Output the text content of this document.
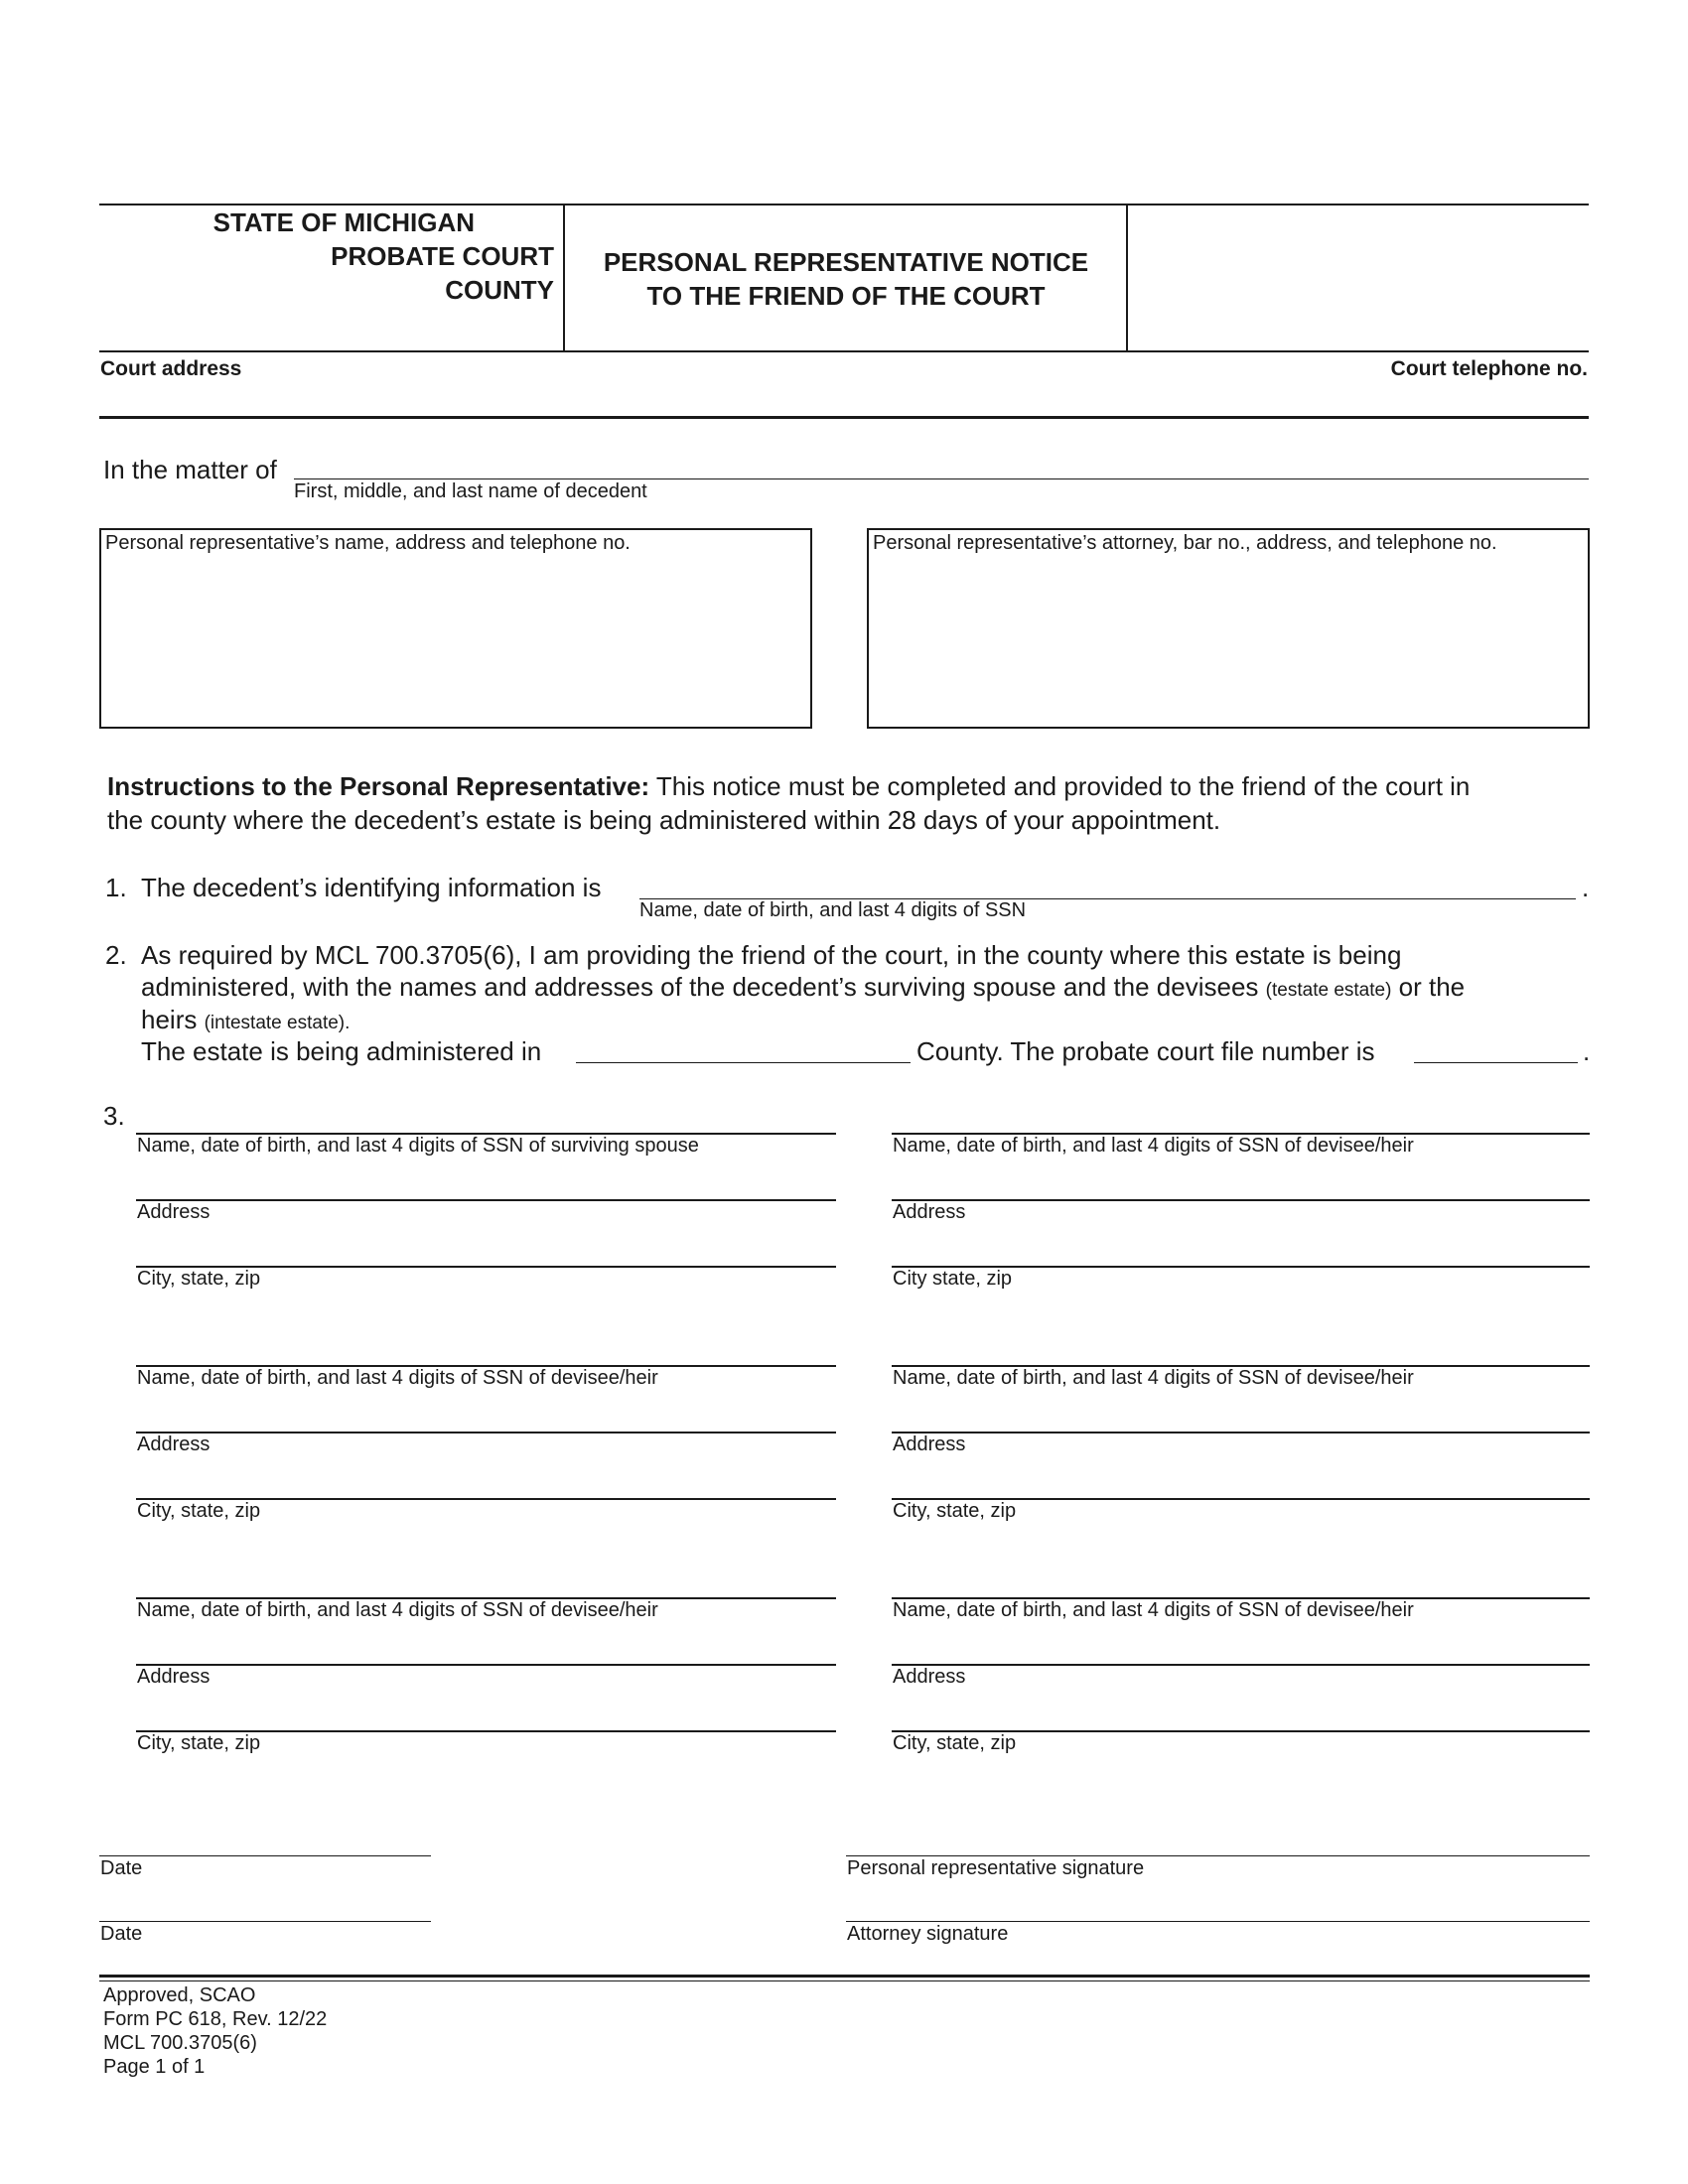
STATE OF MICHIGAN
PROBATE COURT
COUNTY
PERSONAL REPRESENTATIVE NOTICE
TO THE FRIEND OF THE COURT
Court address	Court telephone no.
In the matter of
First, middle, and last name of decedent
Personal representative’s name, address and telephone no.	Personal representative’s attorney, bar no., address, and telephone no.
Instructions to the Personal Representative: This notice must be completed and provided to the friend of the court in
the county where the decedent’s estate is being administered within 28 days of your appointment.
1. The decedent’s identifying information is	.
Name, date of birth, and last 4 digits of SSN
2. As required by MCL 700.3705(6), I am providing the friend of the court, in the county where this estate is being
administered, with the names and addresses of the decedent’s surviving spouse and the devisees (testate estate) or the
heirs (intestate estate).
The estate is being administered in	County. The probate court file number is	.
3.
Name, date of birth, and last 4 digits of SSN of surviving spouse
Address
City, state, zip
Name, date of birth, and last 4 digits of SSN of devisee/heir
Address
City state, zip
Name, date of birth, and last 4 digits of SSN of devisee/heir
Address
City, state, zip
Name, date of birth, and last 4 digits of SSN of devisee/heir
Address
City, state, zip
Name, date of birth, and last 4 digits of SSN of devisee/heir
Address
City, state, zip
Name, date of birth, and last 4 digits of SSN of devisee/heir
Address
City, state, zip
Date	Personal representative signature
Date	Attorney signature
Approved, SCAO
Form PC 618, Rev. 12/22
MCL 700.3705(6)
Page 1 of 1
